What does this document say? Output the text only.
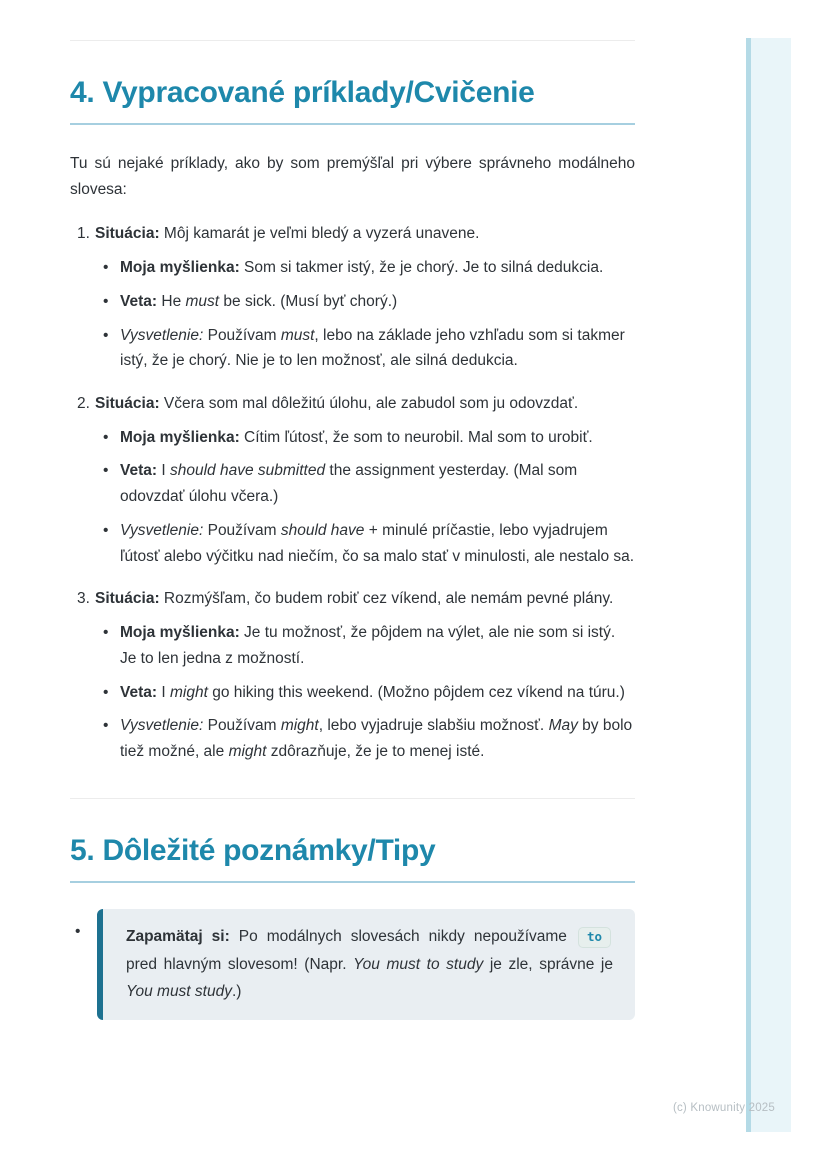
4. Vypracované príklady/Cvičenie

Tu sú nejaké príklady, ako by som premýšľal pri výbere správneho modálneho slovesa:

Situácia: Môj kamarát je veľmi bledý a vyzerá unavene.

• Moja myšlienka: Som si takmer istý, že je chorý. Je to silná dedukcia.
• Veta: He must be sick. (Musí byť chorý.)
• Vysvetlenie: Používam must, lebo na základe jeho vzhľadu som si takmer istý, že je chorý. Nie je to len možnosť, ale silná dedukcia.

Situácia: Včera som mal dôležitú úlohu, ale zabudol som ju odovzdať.

• Moja myšlienka: Cítim ľútosť, že som to neurobil. Mal som to urobiť.
• Veta: I should have submitted the assignment yesterday. (Mal som odovzdať úlohu včera.)
• Vysvetlenie: Používam should have + minulé príčastie, lebo vyjadrujem ľútosť alebo výčitku nad niečím, čo sa malo stať v minulosti, ale nestalo sa.

Situácia: Rozmýšľam, čo budem robiť cez víkend, ale nemám pevné plány.

• Moja myšlienka: Je tu možnosť, že pôjdem na výlet, ale nie som si istý. Je to len jedna z možností.
• Veta: I might go hiking this weekend. (Možno pôjdem cez víkend na túru.)
• Vysvetlenie: Používam might, lebo vyjadruje slabšiu možnosť. May by bolo tiež možné, ale might zdôrazňuje, že je to menej isté.
5. Dôležité poznámky/Tipy

• Zapamätaj si: Po modálnych slovesách nikdy nepoužívame to pred hlavným slovesom! (Napr. You must to study je zle, správne je You must study.)

(c) Knowunity 2025
